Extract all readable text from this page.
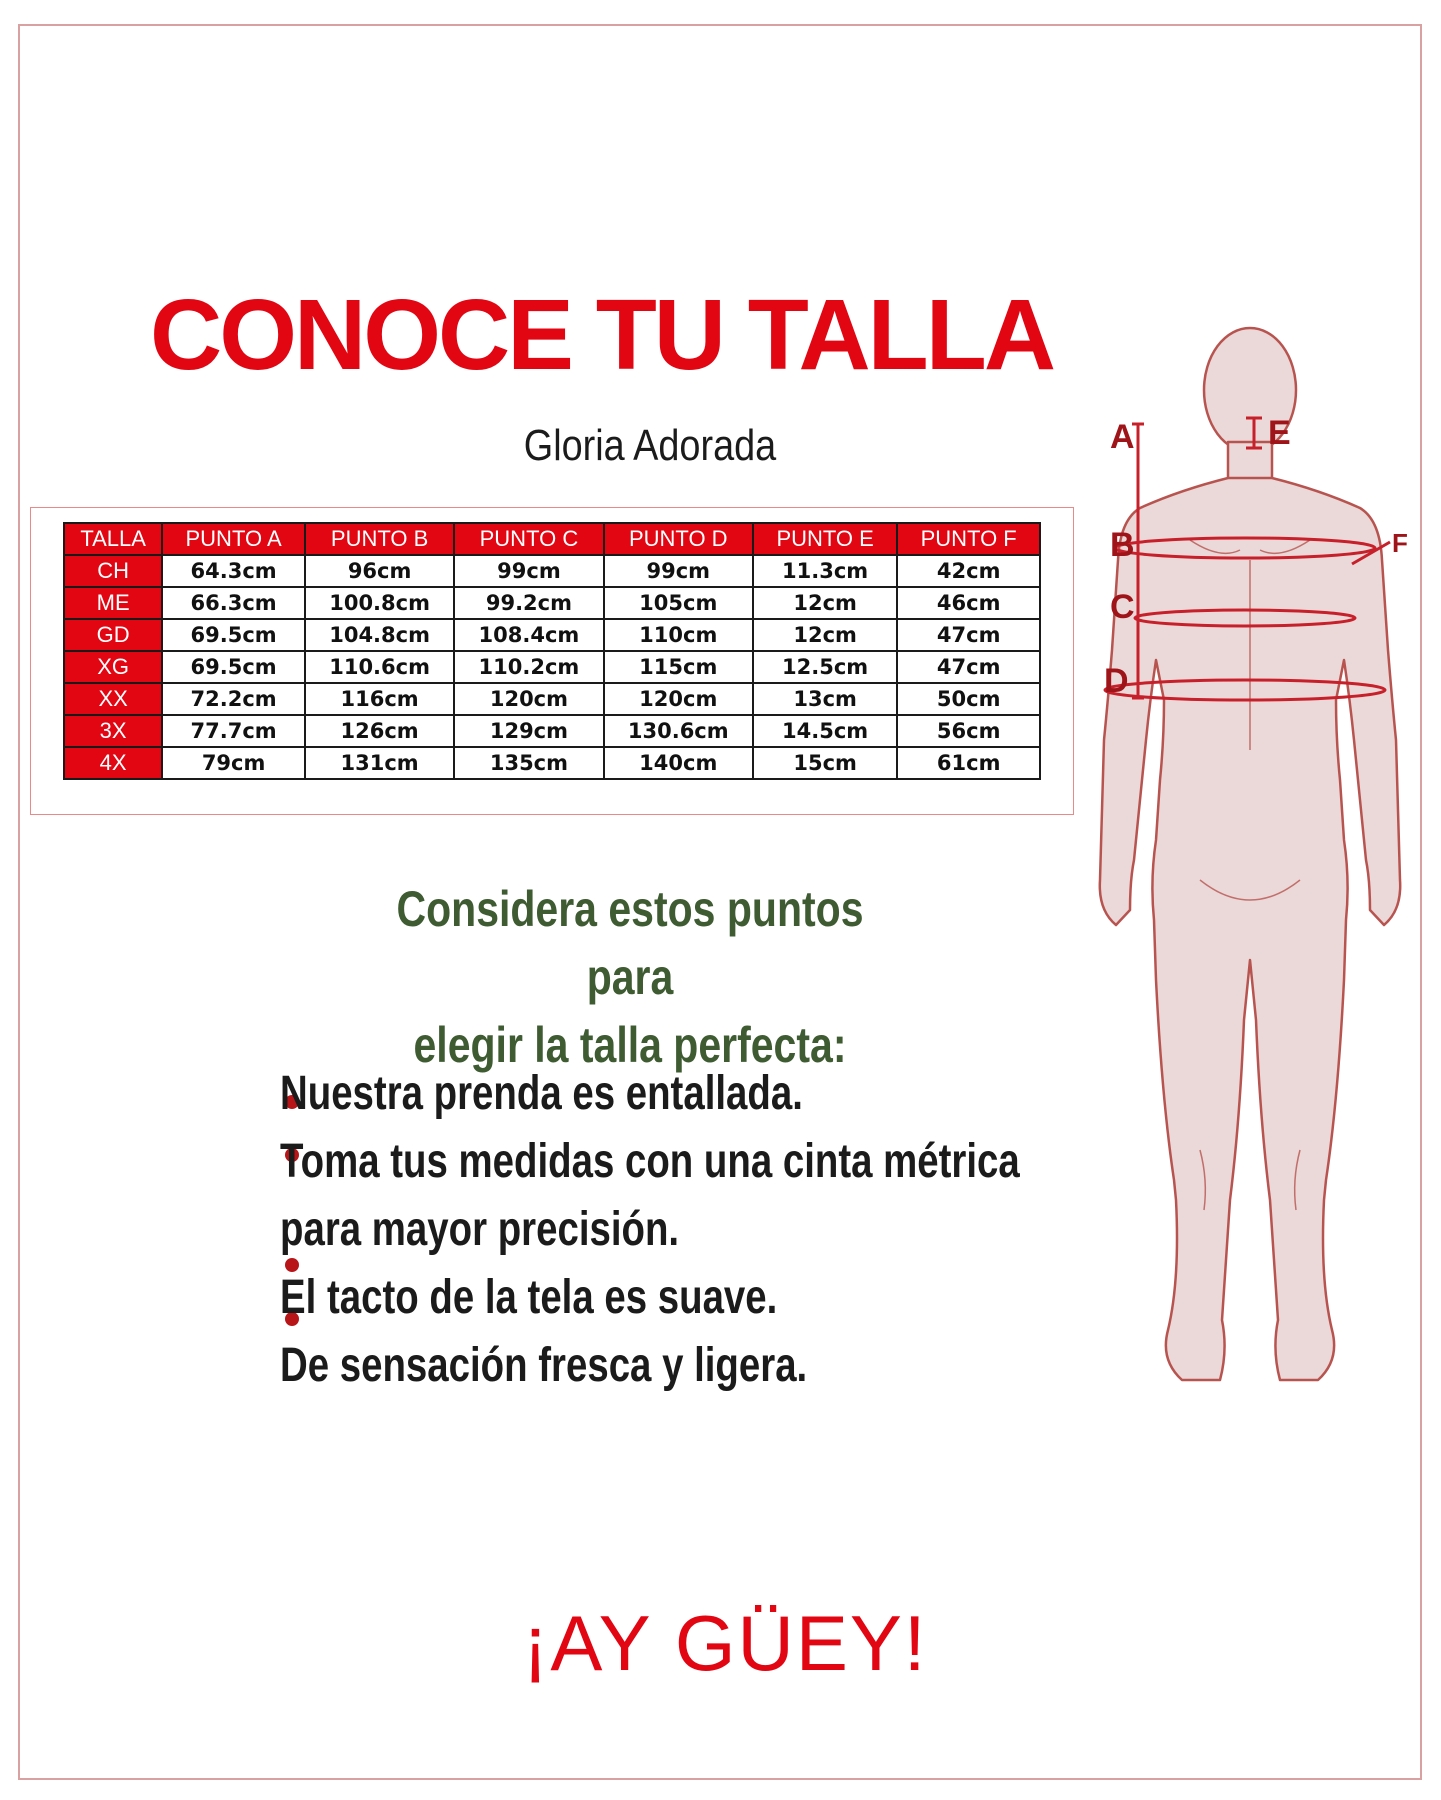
CONOCE TU TALLA
Gloria Adorada
TALLA	PUNTO A	PUNTO B	PUNTO C	PUNTO D	PUNTO E	PUNTO F
CH	64.3cm	96cm	99cm	99cm	11.3cm	42cm
ME	66.3cm	100.8cm	99.2cm	105cm	12cm	46cm
GD	69.5cm	104.8cm	108.4cm	110cm	12cm	47cm
XG	69.5cm	110.6cm	110.2cm	115cm	12.5cm	47cm
XX	72.2cm	116cm	120cm	120cm	13cm	50cm
3X	77.7cm	126cm	129cm	130.6cm	14.5cm	56cm
4X	79cm	131cm	135cm	140cm	15cm	61cm
Considera estos puntos para
elegir la talla perfecta:
Nuestra prenda es entallada.
Toma tus medidas con una cinta métrica
para mayor precisión.
El tacto de la tela es suave.
De sensación fresca y ligera.
A	E
B
C
D
F
¡AY GÜEY!
